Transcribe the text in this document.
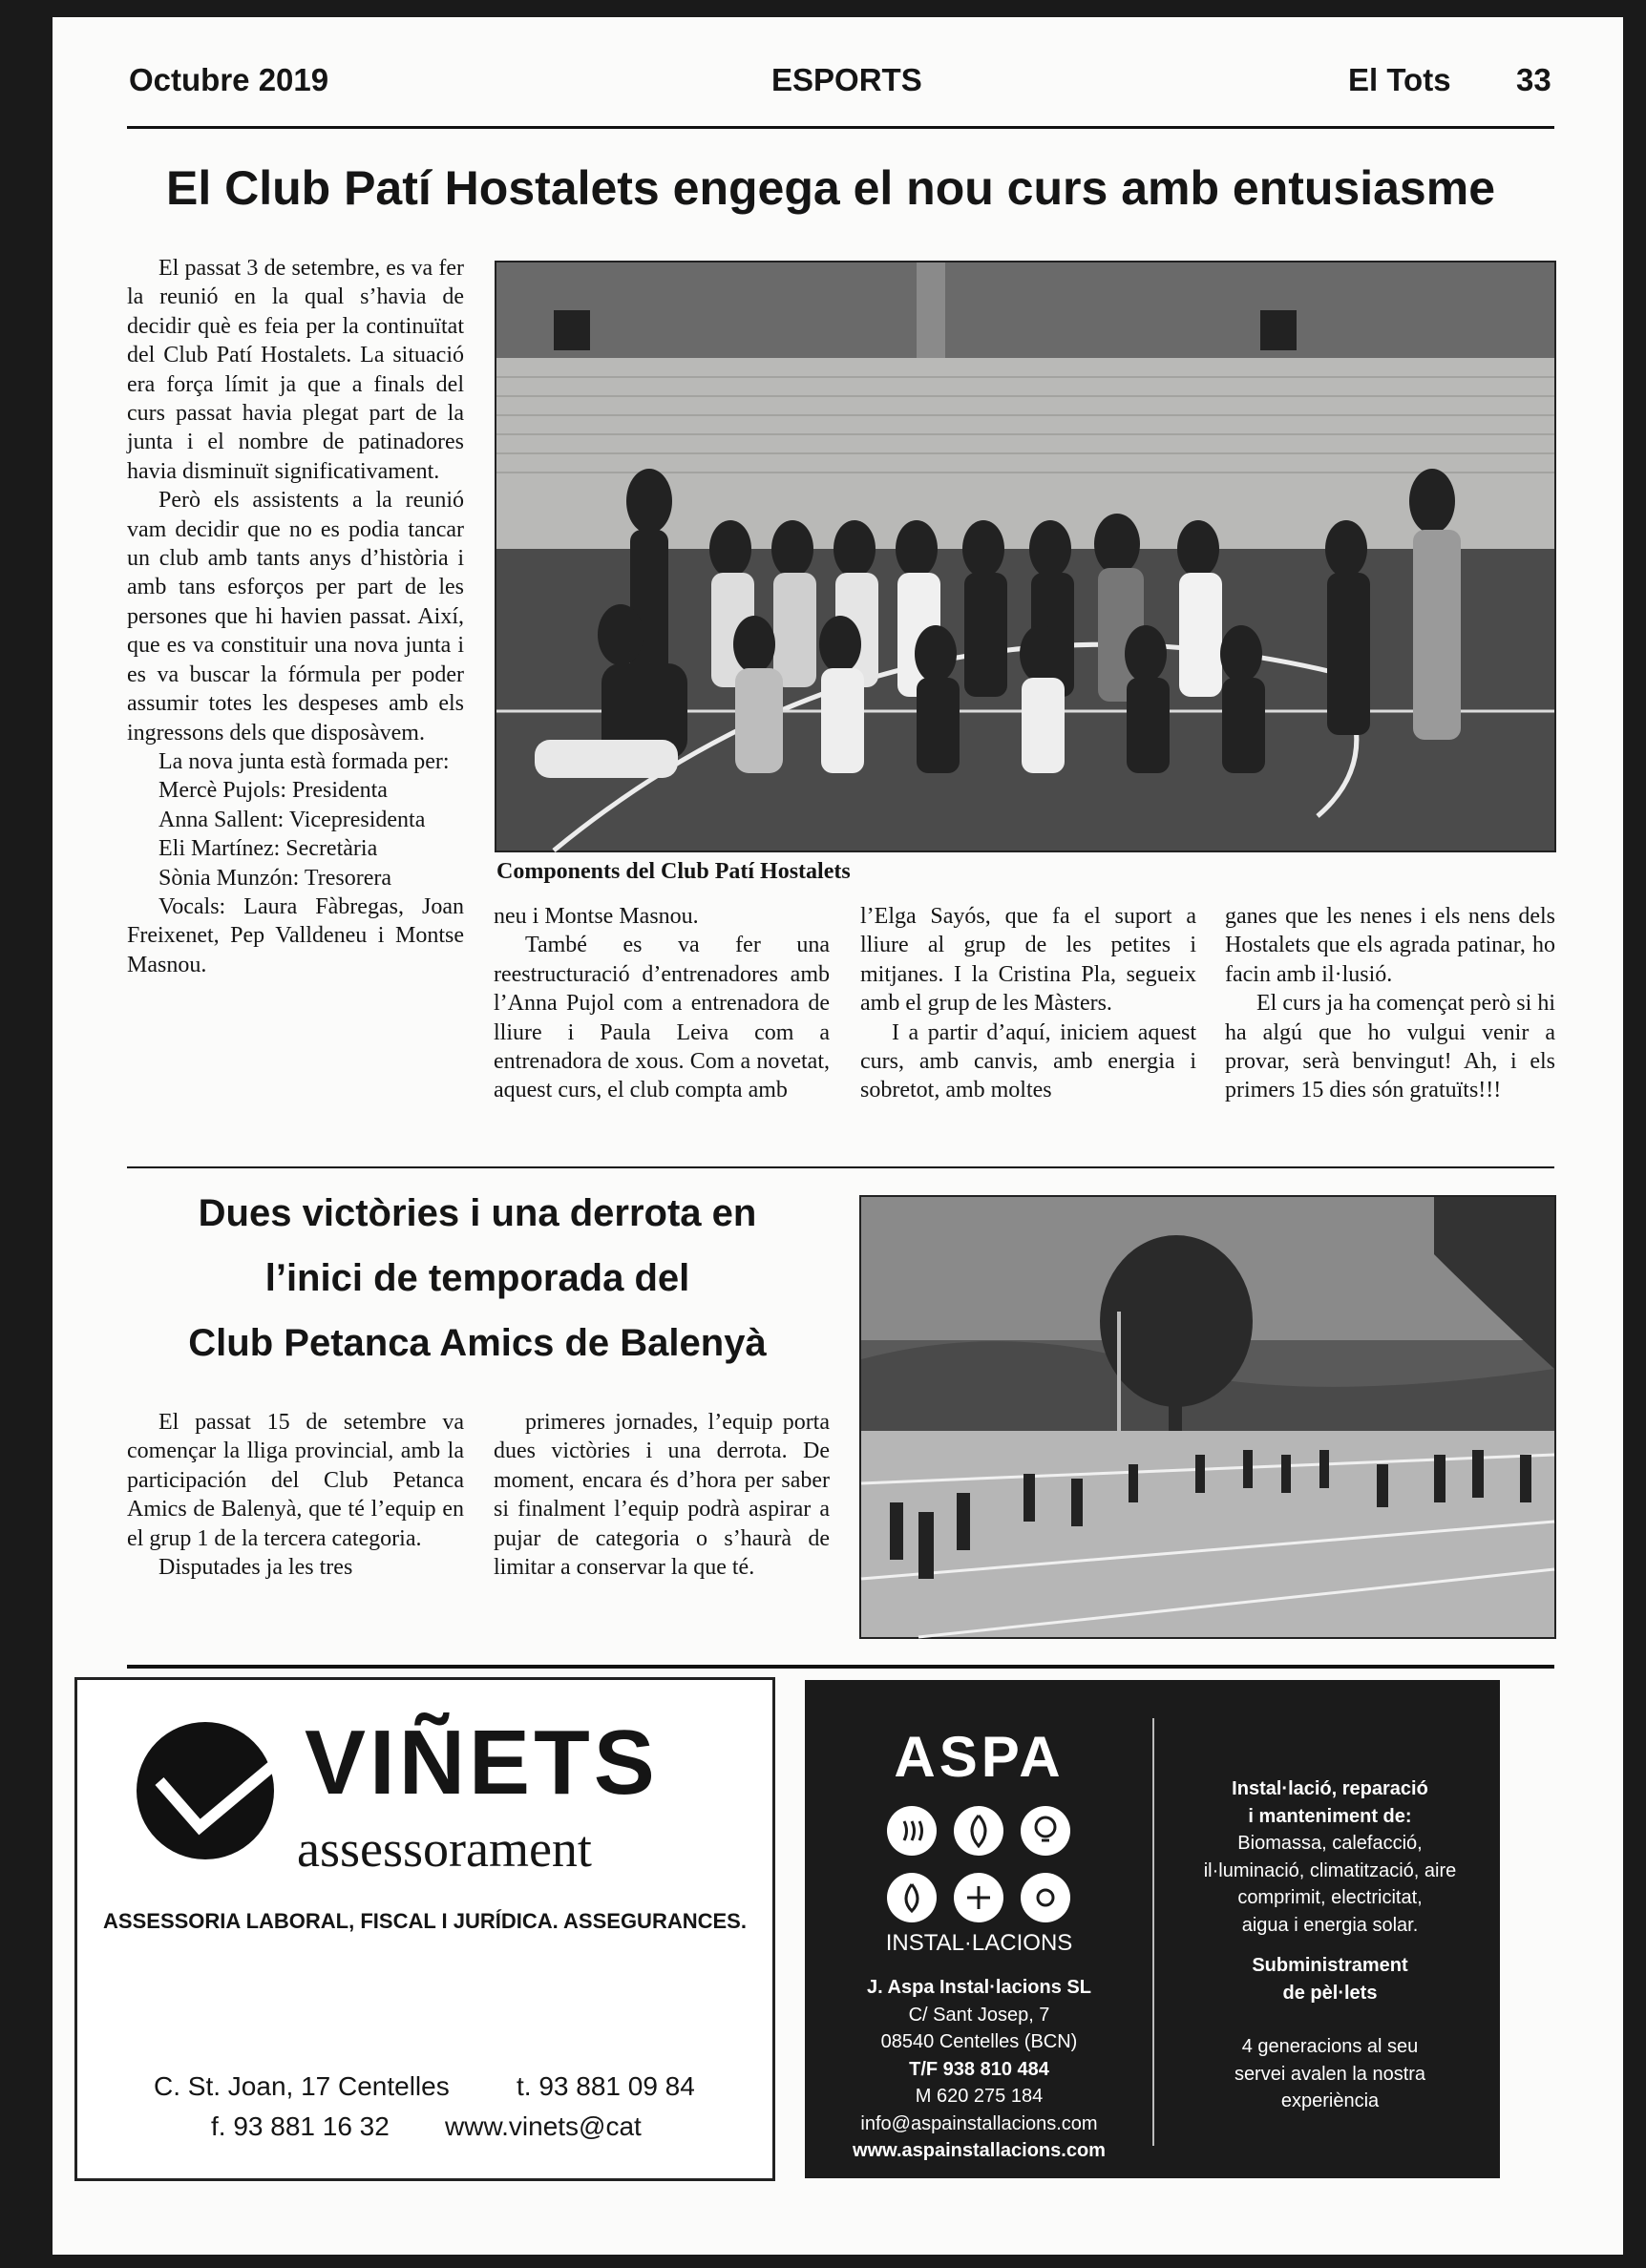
Octubre 2019	ESPORTS	El Tots 33
El Club Patí Hostalets engega el nou curs amb entusiasme

El passat 3 de setembre, es va fer la reunió en la qual s’havia de decidir què es feia per la continuïtat del Club Patí Hostalets. La situació era força límit ja que a finals del curs passat havia plegat part de la junta i el nombre de patinadores havia disminuït significativament.

Però els assistents a la reunió vam decidir que no es podia tancar un club amb tants anys d’història i amb tans esforços per part de les persones que hi havien passat. Així, que es va constituir una nova junta i es va buscar la fórmula per poder assumir totes les despeses amb els ingressons dels que disposàvem.

La nova junta està formada per:

Mercè Pujols: Presidenta

Anna Sallent: Vicepresidenta

Eli Martínez: Secretària

Sònia Munzón: Tresorera

Vocals: Laura Fàbregas, Joan Freixenet, Pep Valldeneu i Montse Masnou.

Components del Club Patí Hostalets

neu i Montse Masnou.

També es va fer una reestructuració d’entrenadores amb l’Anna Pujol com a entrenadora de lliure i Paula Leiva com a entrenadora de xous. Com a novetat, aquest curs, el club compta amb

l’Elga Sayós, que fa el suport a lliure al grup de les petites i mitjanes. I la Cristina Pla, segueix amb el grup de les Màsters.

I a partir d’aquí, iniciem aquest curs, amb canvis, amb energia i sobretot, amb moltes

ganes que les nenes i els nens dels Hostalets que els agrada patinar, ho facin amb il·lusió.

El curs ja ha començat però si hi ha algú que ho vulgui venir a provar, serà benvingut! Ah, i els primers 15 dies són gratuïts!!!

Dues victòries i una derrota en
l’inici de temporada del
Club Petanca Amics de Balenyà

El passat 15 de setembre va començar la lliga provincial, amb la participación del Club Petanca Amics de Balenyà, que té l’equip en el grup 1 de la tercera categoria.

Disputades ja les tres

primeres jornades, l’equip porta dues victòries i una derrota. De moment, encara és d’hora per saber si finalment l’equip podrà aspirar a pujar de categoria o s’haurà de limitar a conservar la que té.

VIÑETS
assessorament
ASSESSORIA LABORAL, FISCAL I JURÍDICA. ASSEGURANCES.
C. St. Joan, 17 Centelles	t. 93 881 09 84
f. 93 881 16 32 www.vinets@cat
ASPA
INSTAL·LACIONS
J. Aspa Instal·lacions SL
C/ Sant Josep, 7
08540 Centelles (BCN)
T/F 938 810 484
M 620 275 184
info@aspainstallacions.com
www.aspainstallacions.com
Instal·lació, reparació
i manteniment de:
Biomassa, calefacció,
il·luminació, climatització, aire
comprimit, electricitat,
aigua i energia solar.
Subministrament
de pèl·lets
4 generacions al seu
servei avalen la nostra
experiència
